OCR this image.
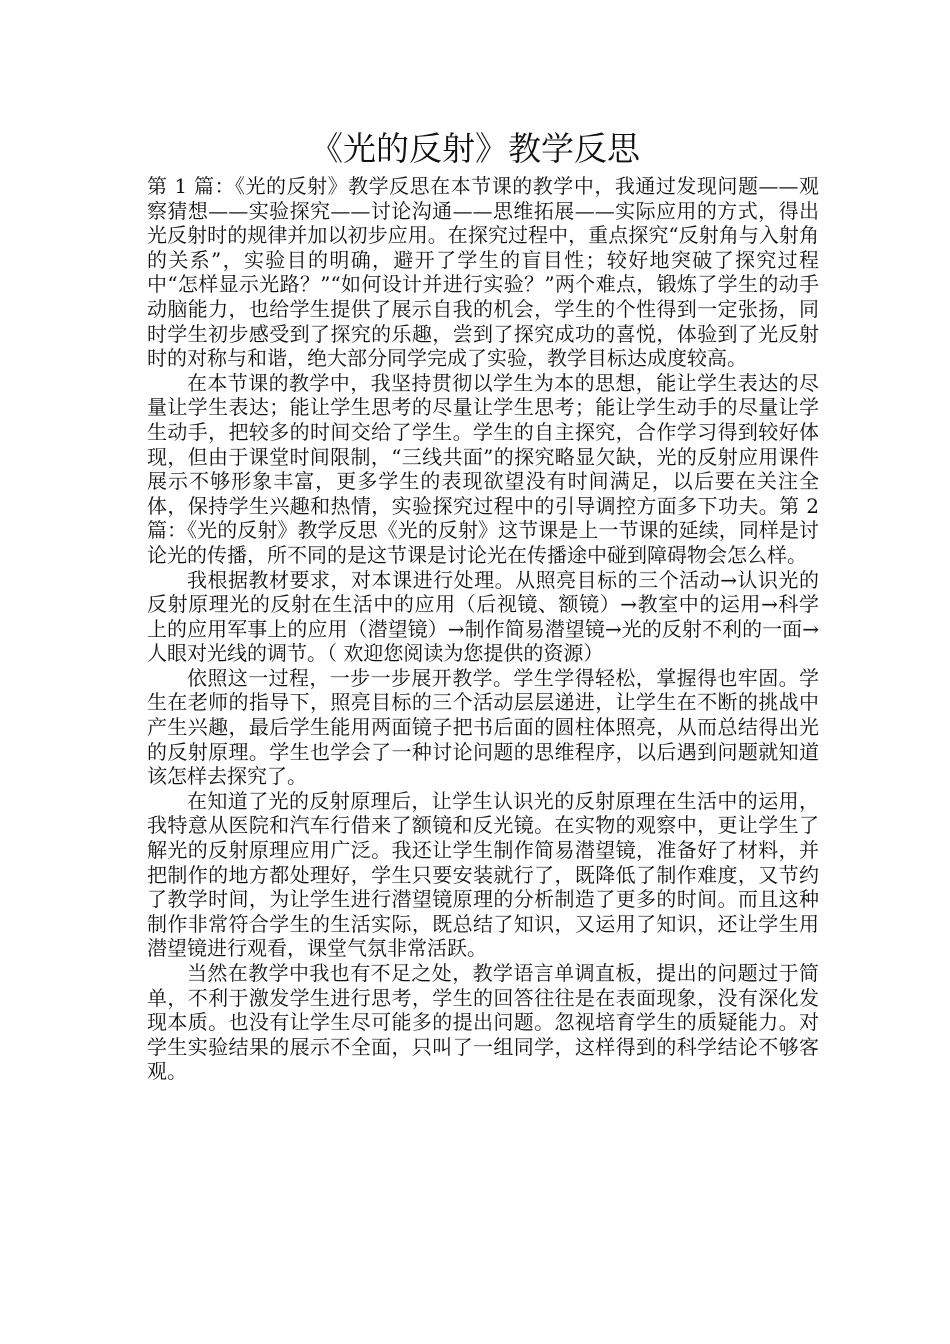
《光的反射》教学反思

第 1 篇：《光的反射》教学反思在本节课的教学中，我通过发现问题——观察猜想——实验探究——讨论沟通——思维拓展——实际应用的方式，得出光反射时的规律并加以初步应用。在探究过程中，重点探究“反射角与入射角的关系”，实验目的明确，避开了学生的盲目性；较好地突破了探究过程中“怎样显示光路？”“如何设计并进行实验？”两个难点，锻炼了学生的动手动脑能力，也给学生提供了展示自我的机会，学生的个性得到一定张扬，同时学生初步感受到了探究的乐趣，尝到了探究成功的喜悦，体验到了光反射时的对称与和谐，绝大部分同学完成了实验，教学目标达成度较高。

在本节课的教学中，我坚持贯彻以学生为本的思想，能让学生表达的尽量让学生表达；能让学生思考的尽量让学生思考；能让学生动手的尽量让学生动手，把较多的时间交给了学生。学生的自主探究，合作学习得到较好体现，但由于课堂时间限制，“三线共面”的探究略显欠缺，光的反射应用课件展示不够形象丰富，更多学生的表现欲望没有时间满足，以后要在关注全体，保持学生兴趣和热情，实验探究过程中的引导调控方面多下功夫。第 2 篇：《光的反射》教学反思《光的反射》这节课是上一节课的延续，同样是讨论光的传播，所不同的是这节课是讨论光在传播途中碰到障碍物会怎么样。

我根据教材要求，对本课进行处理。从照亮目标的三个活动→认识光的反射原理光的反射在生活中的应用（后视镜、额镜）→教室中的运用→科学上的应用军事上的应用（潜望镜）→制作简易潜望镜→光的反射不利的一面→人眼对光线的调节。（ 欢迎您阅读为您提供的资源）

依照这一过程，一步一步展开教学。学生学得轻松，掌握得也牢固。学生在老师的指导下，照亮目标的三个活动层层递进，让学生在不断的挑战中产生兴趣，最后学生能用两面镜子把书后面的圆柱体照亮，从而总结得出光的反射原理。学生也学会了一种讨论问题的思维程序，以后遇到问题就知道该怎样去探究了。

在知道了光的反射原理后，让学生认识光的反射原理在生活中的运用，我特意从医院和汽车行借来了额镜和反光镜。在实物的观察中，更让学生了解光的反射原理应用广泛。我还让学生制作简易潜望镜，准备好了材料，并把制作的地方都处理好，学生只要安装就行了，既降低了制作难度，又节约了教学时间，为让学生进行潜望镜原理的分析制造了更多的时间。而且这种制作非常符合学生的生活实际，既总结了知识，又运用了知识，还让学生用潜望镜进行观看，课堂气氛非常活跃。

当然在教学中我也有不足之处，教学语言单调直板，提出的问题过于简单，不利于激发学生进行思考，学生的回答往往是在表面现象，没有深化发现本质。也没有让学生尽可能多的提出问题。忽视培育学生的质疑能力。对学生实验结果的展示不全面，只叫了一组同学，这样得到的科学结论不够客观。
